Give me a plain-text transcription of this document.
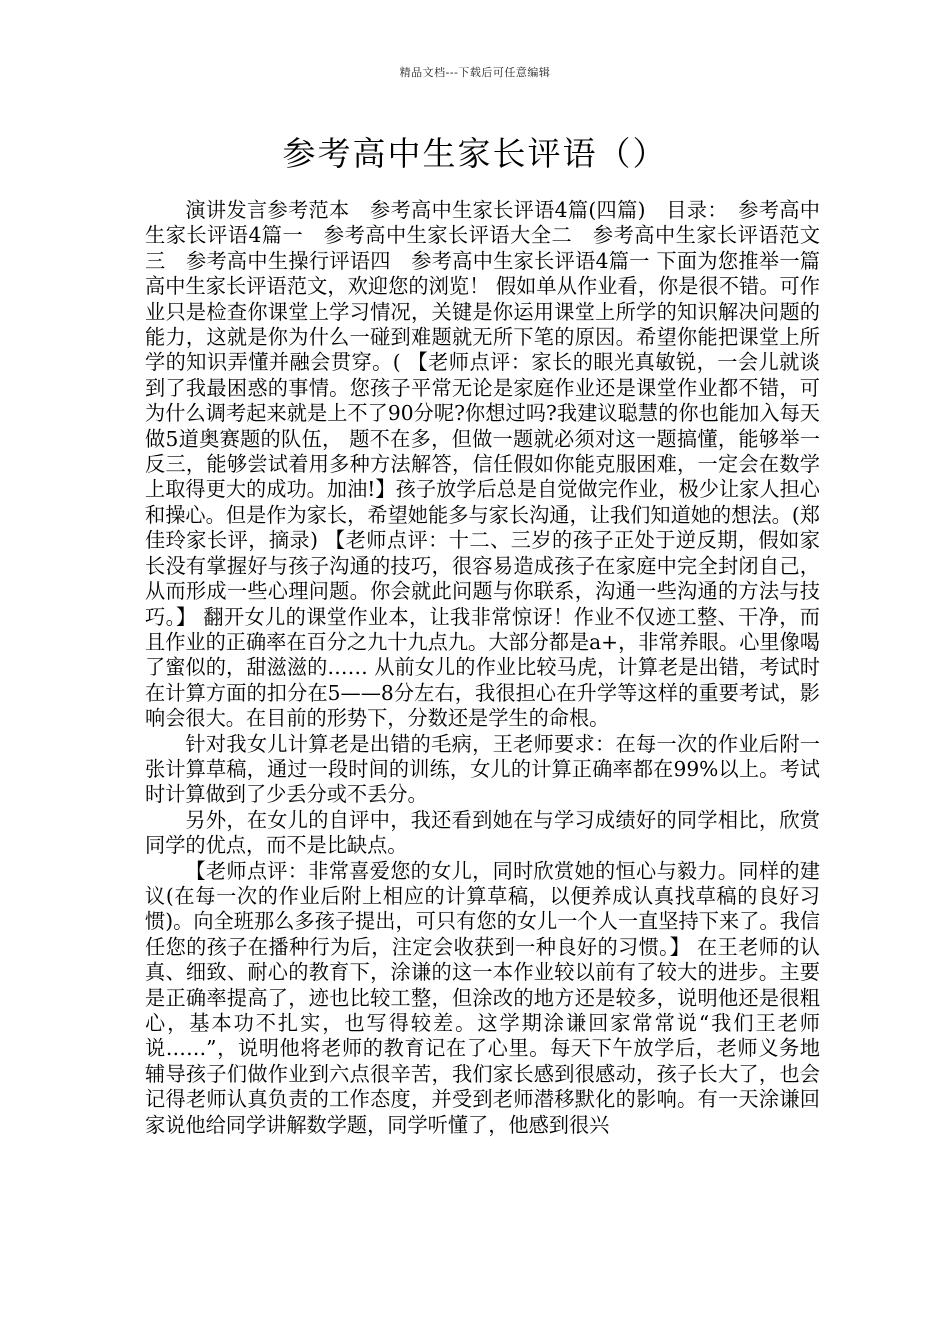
精品文档---下载后可任意编辑
参考高中生家长评语（）

演讲发言参考范本　参考高中生家长评语4篇(四篇)　目录：　参考高中生家长评语4篇一　参考高中生家长评语大全二　参考高中生家长评语范文三　参考高中生操行评语四　参考高中生家长评语4篇一 下面为您推举一篇高中生家长评语范文，欢迎您的浏览！ 假如单从作业看，你是很不错。可作业只是检查你课堂上学习情况，关键是你运用课堂上所学的知识解决问题的能力，这就是你为什么一碰到难题就无所下笔的原因。希望你能把课堂上所学的知识弄懂并融会贯穿。( 【老师点评：家长的眼光真敏锐，一会儿就谈到了我最困惑的事情。您孩子平常无论是家庭作业还是课堂作业都不错，可为什么调考起来就是上不了90分呢?你想过吗?我建议聪慧的你也能加入每天做5道奥赛题的队伍， 题不在多，但做一题就必须对这一题搞懂，能够举一反三，能够尝试着用多种方法解答，信任假如你能克服困难，一定会在数学上取得更大的成功。加油!】孩子放学后总是自觉做完作业，极少让家人担心和操心。但是作为家长，希望她能多与家长沟通，让我们知道她的想法。(郑佳玲家长评，摘录) 【老师点评：十二、三岁的孩子正处于逆反期，假如家长没有掌握好与孩子沟通的技巧，很容易造成孩子在家庭中完全封闭自己，从而形成一些心理问题。你会就此问题与你联系，沟通一些沟通的方法与技巧。】 翻开女儿的课堂作业本，让我非常惊讶！作业不仅迹工整、干净，而且作业的正确率在百分之九十九点九。大部分都是a+，非常养眼。心里像喝了蜜似的，甜滋滋的…… 从前女儿的作业比较马虎，计算老是出错，考试时在计算方面的扣分在5——8分左右，我很担心在升学等这样的重要考试，影响会很大。在目前的形势下，分数还是学生的命根。

针对我女儿计算老是出错的毛病，王老师要求：在每一次的作业后附一张计算草稿，通过一段时间的训练，女儿的计算正确率都在99%以上。考试时计算做到了少丢分或不丢分。

另外，在女儿的自评中，我还看到她在与学习成绩好的同学相比，欣赏同学的优点，而不是比缺点。

【老师点评：非常喜爱您的女儿，同时欣赏她的恒心与毅力。同样的建议(在每一次的作业后附上相应的计算草稿，以便养成认真找草稿的良好习惯)。向全班那么多孩子提出，可只有您的女儿一个人一直坚持下来了。我信任您的孩子在播种行为后，注定会收获到一种良好的习惯。】 在王老师的认真、细致、耐心的教育下，涂谦的这一本作业较以前有了较大的进步。主要是正确率提高了，迹也比较工整，但涂改的地方还是较多，说明他还是很粗心，基本功不扎实，也写得较差。这学期涂谦回家常常说“我们王老师说……”，说明他将老师的教育记在了心里。每天下午放学后，老师义务地辅导孩子们做作业到六点很辛苦，我们家长感到很感动，孩子长大了，也会记得老师认真负责的工作态度，并受到老师潜移默化的影响。有一天涂谦回家说他给同学讲解数学题，同学听懂了，他感到很兴
